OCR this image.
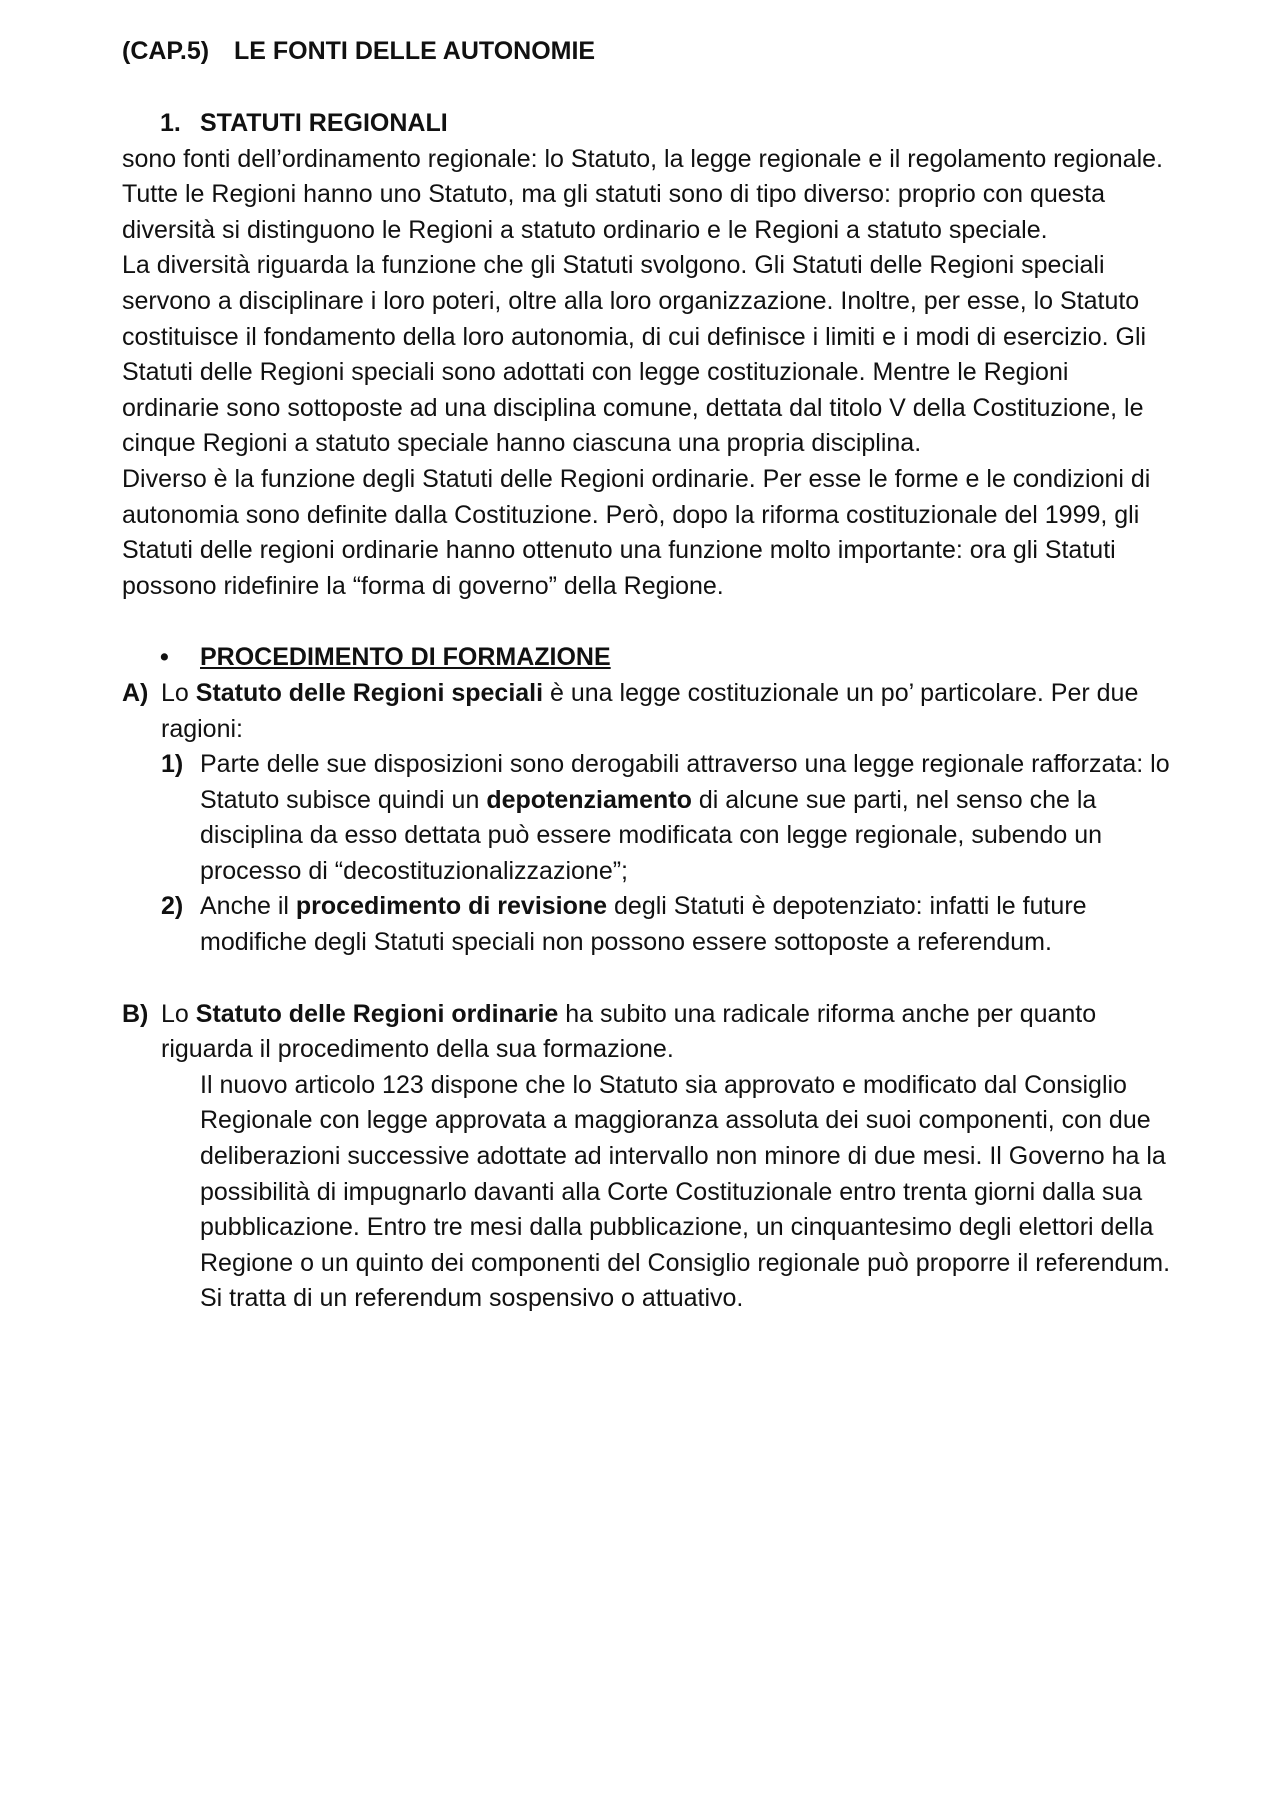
(CAP.5) LE FONTI DELLE AUTONOMIE
1. STATUTI REGIONALI

sono fonti dell’ordinamento regionale: lo Statuto, la legge regionale e il regolamento regionale.

Tutte le Regioni hanno uno Statuto, ma gli statuti sono di tipo diverso: proprio con questa diversità si distinguono le Regioni a statuto ordinario e le Regioni a statuto speciale.

La diversità riguarda la funzione che gli Statuti svolgono. Gli Statuti delle Regioni speciali servono a disciplinare i loro poteri, oltre alla loro organizzazione. Inoltre, per esse, lo Statuto costituisce il fondamento della loro autonomia, di cui definisce i limiti e i modi di esercizio. Gli Statuti delle Regioni speciali sono adottati con legge costituzionale. Mentre le Regioni ordinarie sono sottoposte ad una disciplina comune, dettata dal titolo V della Costituzione, le cinque Regioni a statuto speciale hanno ciascuna una propria disciplina.

Diverso è la funzione degli Statuti delle Regioni ordinarie. Per esse le forme e le condizioni di autonomia sono definite dalla Costituzione. Però, dopo la riforma costituzionale del 1999, gli Statuti delle regioni ordinarie hanno ottenuto una funzione molto importante: ora gli Statuti possono ridefinire la “forma di governo” della Regione.

• PROCEDIMENTO DI FORMAZIONE
A) Lo Statuto delle Regioni speciali è una legge costituzionale un po’ particolare. Per due ragioni:
1) Parte delle sue disposizioni sono derogabili attraverso una legge regionale rafforzata: lo Statuto subisce quindi un depotenziamento di alcune sue parti, nel senso che la disciplina da esso dettata può essere modificata con legge regionale, subendo un processo di “decostituzionalizzazione”;
2) Anche il procedimento di revisione degli Statuti è depotenziato: infatti le future modifiche degli Statuti speciali non possono essere sottoposte a referendum.
B) Lo Statuto delle Regioni ordinarie ha subito una radicale riforma anche per quanto riguarda il procedimento della sua formazione.

Il nuovo articolo 123 dispone che lo Statuto sia approvato e modificato dal Consiglio Regionale con legge approvata a maggioranza assoluta dei suoi componenti, con due deliberazioni successive adottate ad intervallo non minore di due mesi. Il Governo ha la possibilità di impugnarlo davanti alla Corte Costituzionale entro trenta giorni dalla sua pubblicazione. Entro tre mesi dalla pubblicazione, un cinquantesimo degli elettori della Regione o un quinto dei componenti del Consiglio regionale può proporre il referendum. Si tratta di un referendum sospensivo o attuativo.
